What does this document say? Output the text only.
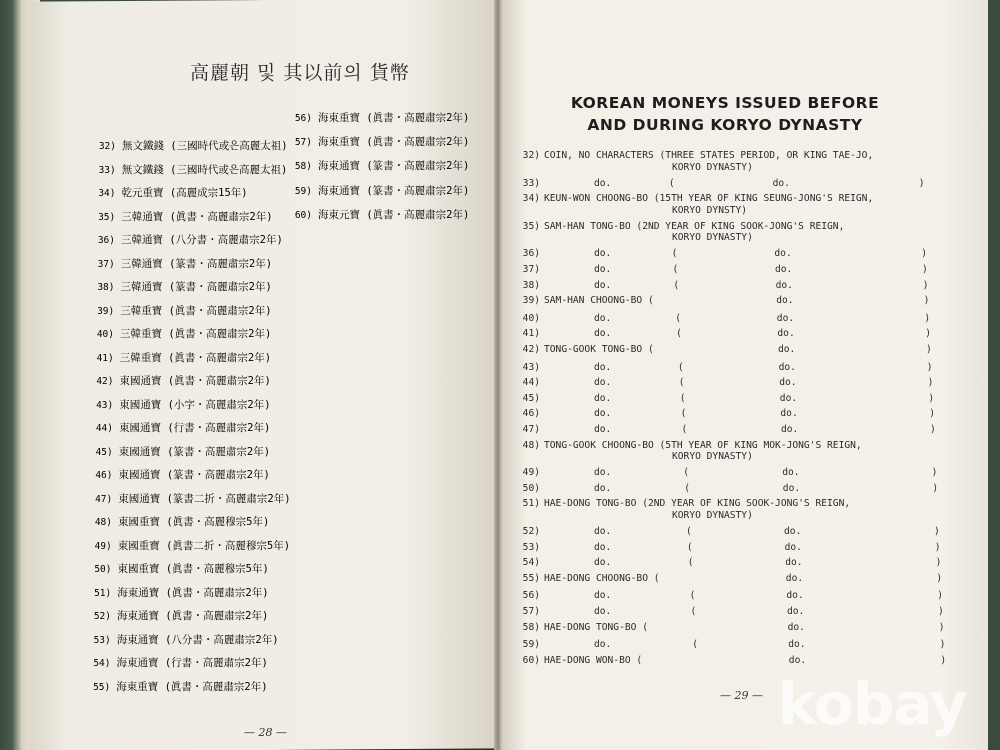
高麗朝 및 其以前의 貨幣
32) 無文鐵錢 (三國時代或은高麗太祖)
33) 無文鐵錢 (三國時代或은高麗太祖)
34) 乾元重寶 (高麗成宗15年)
35) 三韓通寶 (眞書・高麗肅宗2年)
36) 三韓通寶 (八分書・高麗肅宗2年)
37) 三韓通寶 (篆書・高麗肅宗2年)
38) 三韓通寶 (篆書・高麗肅宗2年)
39) 三韓重寶 (眞書・高麗肅宗2年)
40) 三韓重寶 (眞書・高麗肅宗2年)
41) 三韓重寶 (眞書・高麗肅宗2年)
42) 東國通寶 (眞書・高麗肅宗2年)
43) 東國通寶 (小字・高麗肅宗2年)
44) 東國通寶 (行書・高麗肅宗2年)
45) 東國通寶 (篆書・高麗肅宗2年)
46) 東國通寶 (篆書・高麗肅宗2年)
47) 東國通寶 (篆書二折・高麗肅宗2年)
48) 東國重寶 (眞書・高麗穆宗5年)
49) 東國重寶 (眞書二折・高麗穆宗5年)
50) 東國重寶 (眞書・高麗穆宗5年)
51) 海東通寶 (眞書・高麗肅宗2年)
52) 海東通寶 (眞書・高麗肅宗2年)
53) 海東通寶 (八分書・高麗肅宗2年)
54) 海東通寶 (行書・高麗肅宗2年)
55) 海東重寶 (眞書・高麗肅宗2年)
56) 海東重寶 (眞書・高麗肅宗2年)
57) 海東重寶 (眞書・高麗肅宗2年)
58) 海東通寶 (篆書・高麗肅宗2年)
59) 海東通寶 (篆書・高麗肅宗2年)
60) 海東元寶 (眞書・高麗肅宗2年)
— 28 —
KOREAN MONEYS ISSUED BEFORE
AND DURING KORYO DYNASTY
32) COIN, NO CHARACTERS (THREE STATES PERIOD, OR KING TAE-JO,
KORYO DYNASTY)
33)	do.	(	do.	)
34) KEUN-WON CHOONG-BO (15TH YEAR OF KING SEUNG-JONG'S REIGN,
KORYO DYNSTY)
35) SAM-HAN TONG-BO (2ND YEAR OF KING SOOK-JONG'S REIGN,
KORYO DYNASTY)
36)	do.	(	do.	)
37)	do.	(	do.	)
38)	do.	(	do.	)
39) SAM-HAN CHOONG-BO (	do.	)
40)	do.	(	do.	)
41)	do.	(	do.	)
42) TONG-GOOK TONG-BO (	do.	)
43)	do.	(	do.	)
44)	do.	(	do.	)
45)	do.	(	do.	)
46)	do.	(	do.	)
47)	do.	(	do.	)
48) TONG-GOOK CHOONG-BO (5TH YEAR OF KING MOK-JONG'S REIGN,
KORYO DYNASTY)
49)	do.	(	do.	)
50)	do.	(	do.	)
51) HAE-DONG TONG-BO (2ND YEAR OF KING SOOK-JONG'S REIGN,
KORYO DYNASTY)
52)	do.	(	do.	)
53)	do.	(	do.	)
54)	do.	(	do.	)
55) HAE-DONG CHOONG-BO (	do.	)
56)	do.	(	do.	)
57)	do.	(	do.	)
58) HAE-DONG TONG-BO (	do.	)
59)	do.	(	do.	)
60) HAE-DONG WON-BO (	do.	)
— 29 — kobay
